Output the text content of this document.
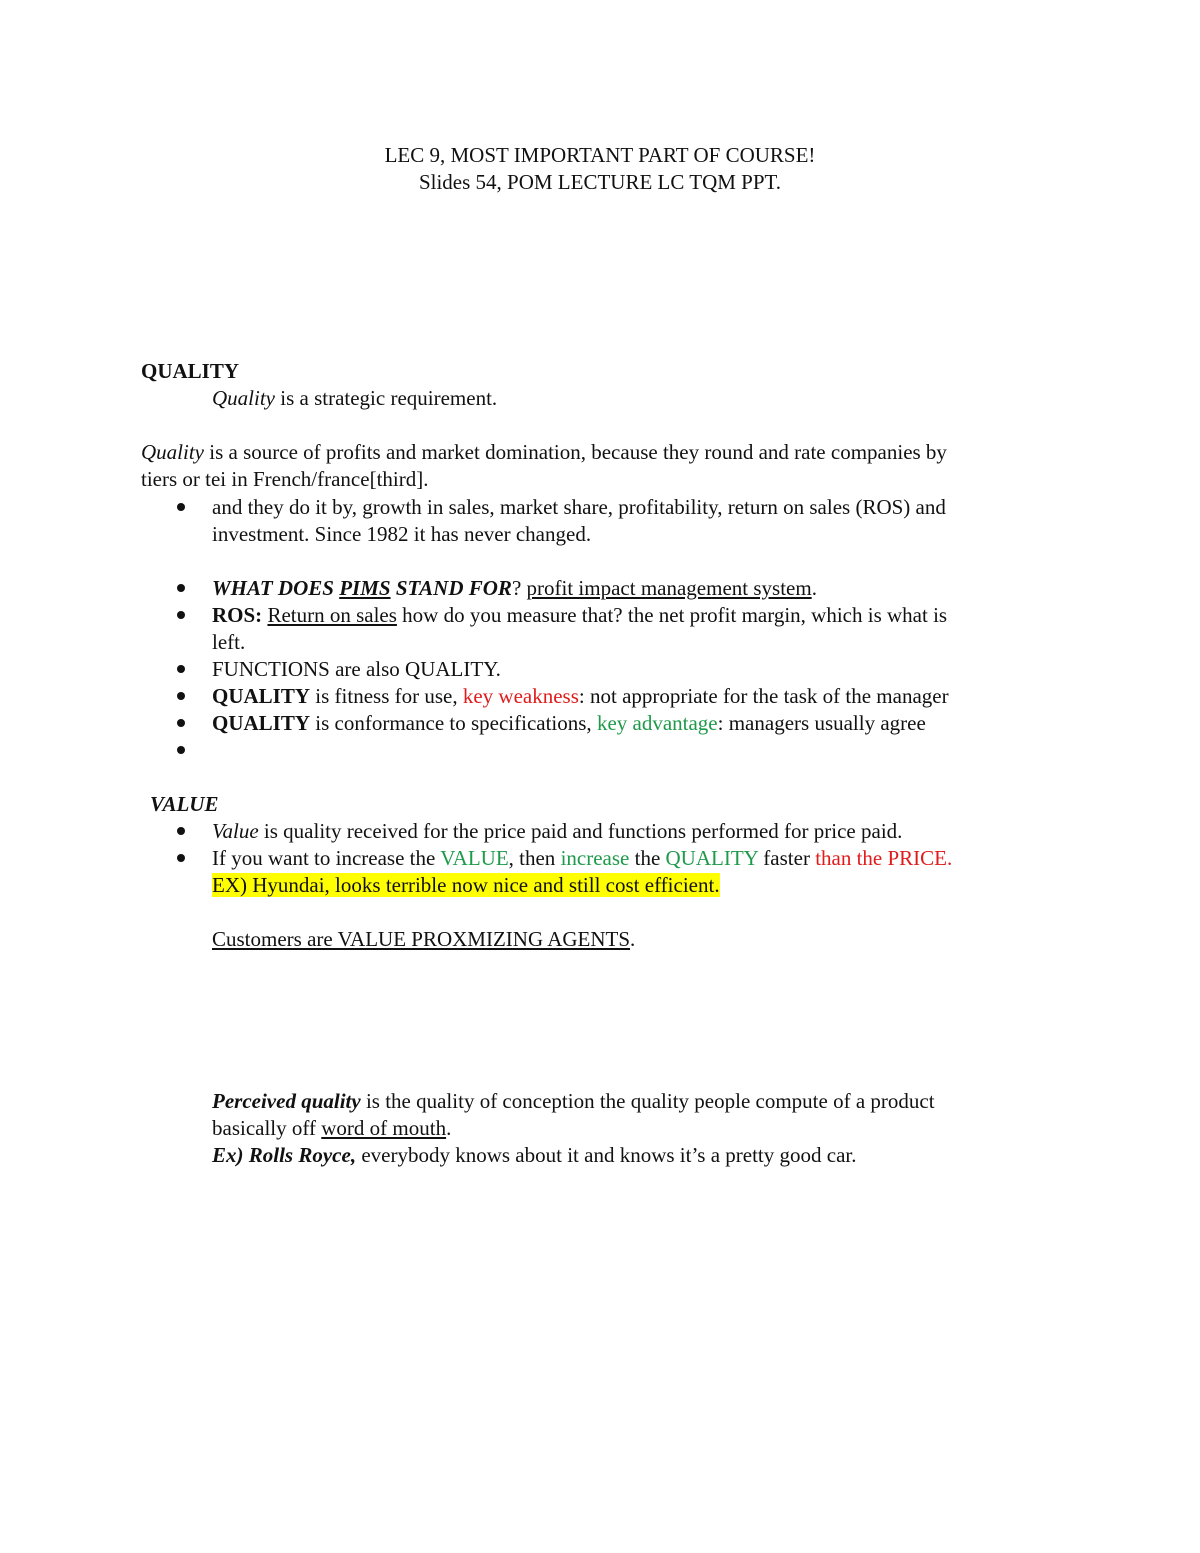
LEC 9, MOST IMPORTANT PART OF COURSE!
Slides 54, POM LECTURE LC TQM PPT.
QUALITY
Quality is a strategic requirement.
Quality is a source of profits and market domination, because they round and rate companies by
tiers or tei in French/france[third].
and they do it by, growth in sales, market share, profitability, return on sales (ROS) and
investment. Since 1982 it has never changed.
WHAT DOES PIMS STAND FOR? profit impact management system.
ROS: Return on sales how do you measure that? the net profit margin, which is what is
left.
FUNCTIONS are also QUALITY.
QUALITY is fitness for use, key weakness: not appropriate for the task of the manager
QUALITY is conformance to specifications, key advantage: managers usually agree
VALUE
Value is quality received for the price paid and functions performed for price paid.
If you want to increase the VALUE, then increase the QUALITY faster than the PRICE.
EX) Hyundai, looks terrible now nice and still cost efficient.
Customers are VALUE PROXMIZING AGENTS.
Perceived quality is the quality of conception the quality people compute of a product
basically off word of mouth.
Ex) Rolls Royce, everybody knows about it and knows it’s a pretty good car.
